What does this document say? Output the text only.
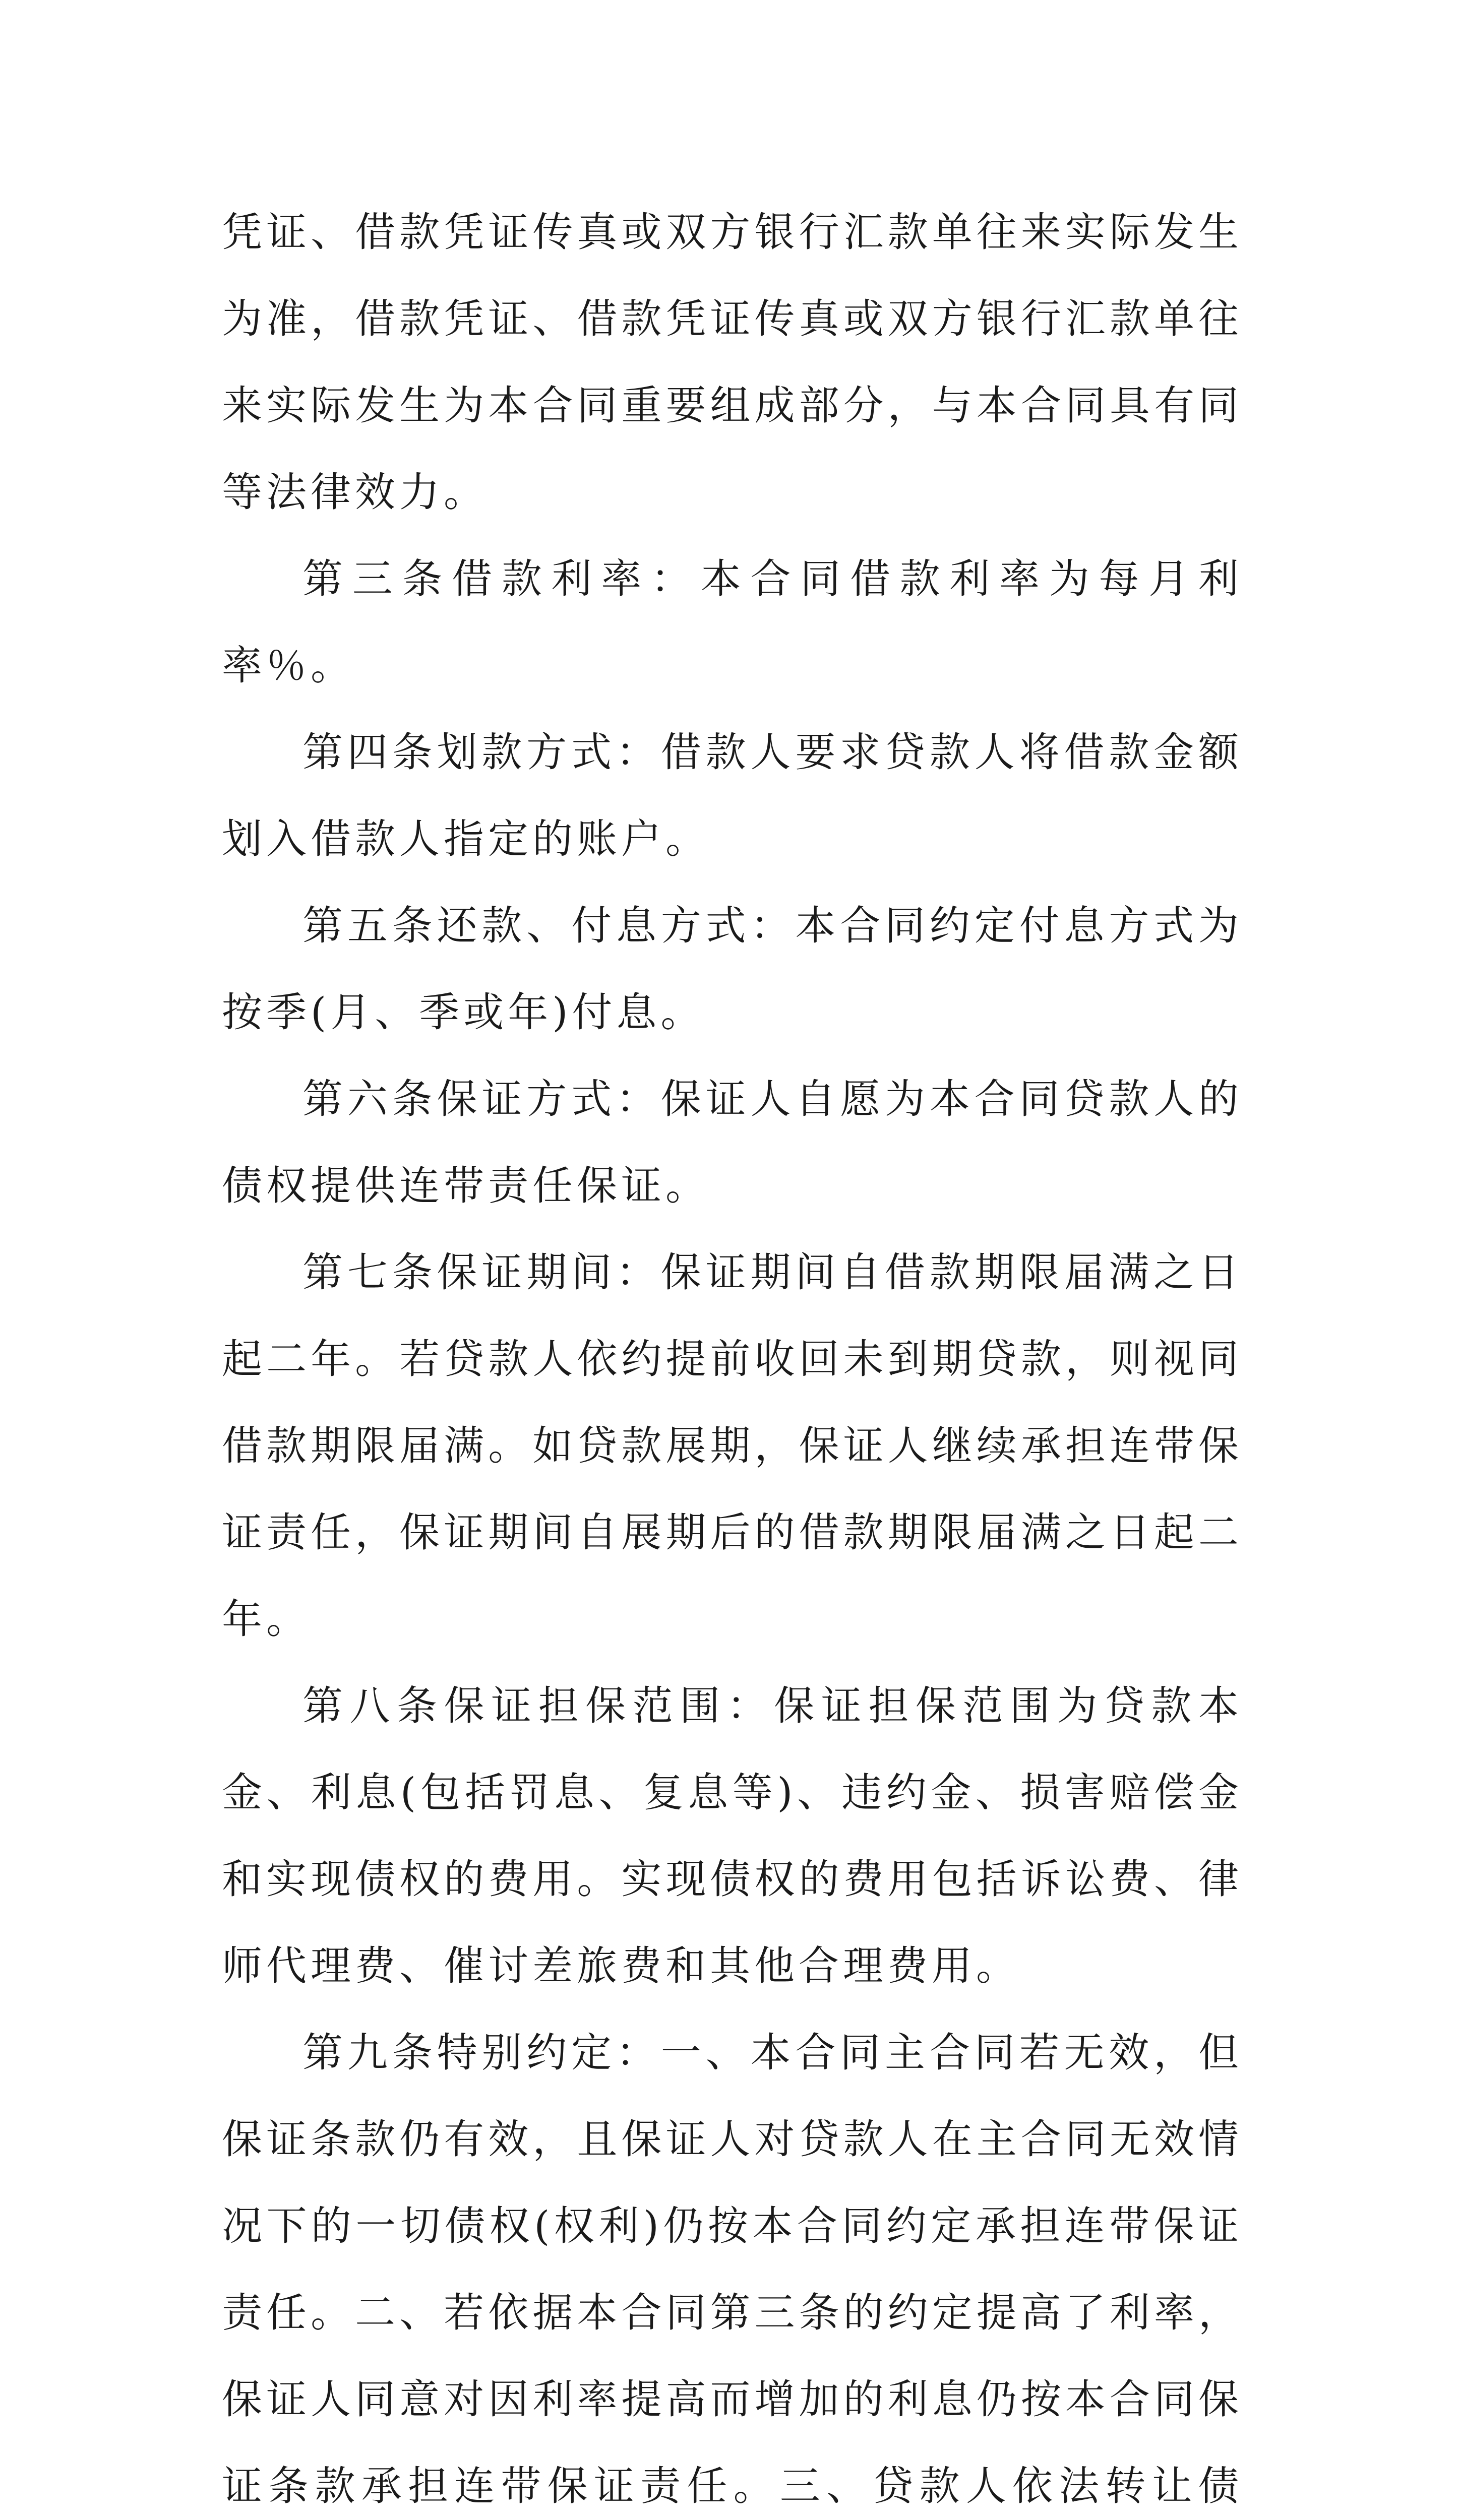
凭证、借款凭证传真或双方银行汇款单往来实际发生为准，借款凭证、借款凭证传真或双方银行汇款单往来实际发生为本合同重要组成部分，与本合同具有同等法律效力。

第三条借款利率：本合同借款利率为每月利率％。

第四条划款方式：借款人要求贷款人将借款金额划入借款人指定的账户。

第五条还款、付息方式：本合同约定付息方式为按季(月、季或年)付息。

第六条保证方式：保证人自愿为本合同贷款人的债权提供连带责任保证。

第七条保证期间：保证期间自借款期限届满之日起二年。若贷款人依约提前收回未到期贷款，则视同借款期限届满。如贷款展期，保证人继续承担连带保证责任，保证期间自展期后的借款期限届满之日起二年。

第八条保证担保范围：保证担保范围为贷款本金、利息(包括罚息、复息等)、违约金、损害赔偿金和实现债权的费用。实现债权的费用包括诉讼费、律师代理费、催讨差旅费和其他合理费用。

第九条特别约定：一、本合同主合同若无效，但保证条款仍有效，且保证人对贷款人在主合同无效情况下的一切债权(权利)仍按本合同约定承担连带保证责任。二、若依据本合同第三条的约定提高了利率，保证人同意对因利率提高而增加的利息仍按本合同保证条款承担连带保证责任。三、贷款人依法转让债
